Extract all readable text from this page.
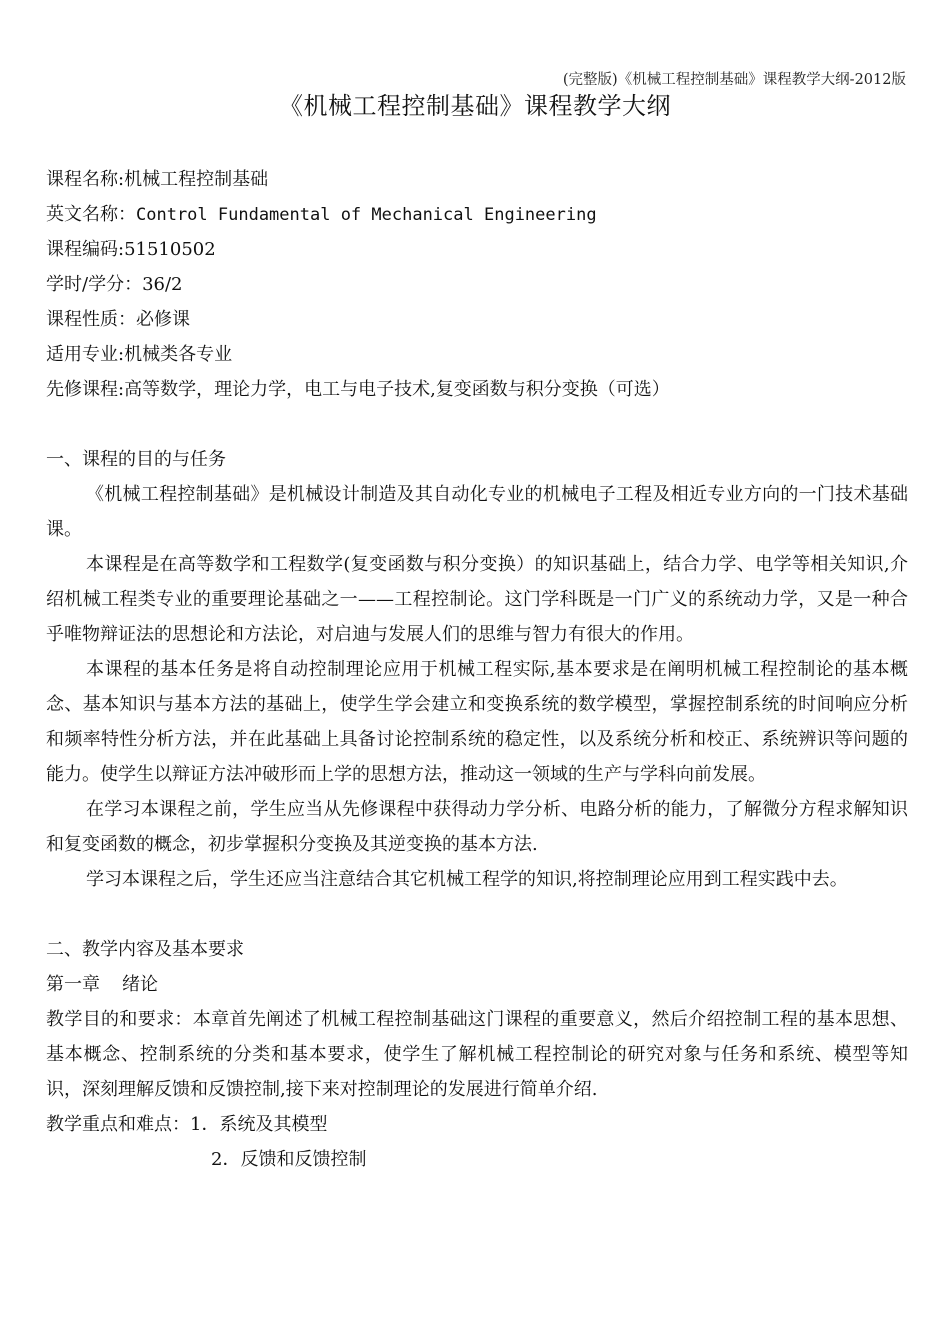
(完整版)《机械工程控制基础》课程教学大纲-2012版
《机械工程控制基础》课程教学大纲
课程名称:机械工程控制基础
英文名称：Control Fundamental of Mechanical Engineering
课程编码:51510502
学时/学分：36/2
课程性质：必修课
适用专业:机械类各专业
先修课程:高等数学，理论力学，电工与电子技术,复变函数与积分变换（可选）
一、课程的目的与任务

《机械工程控制基础》是机械设计制造及其自动化专业的机械电子工程及相近专业方向的一门技术基础课。

本课程是在高等数学和工程数学(复变函数与积分变换）的知识基础上，结合力学、电学等相关知识,介绍机械工程类专业的重要理论基础之一——工程控制论。这门学科既是一门广义的系统动力学，又是一种合乎唯物辩证法的思想论和方法论，对启迪与发展人们的思维与智力有很大的作用。

本课程的基本任务是将自动控制理论应用于机械工程实际,基本要求是在阐明机械工程控制论的基本概念、基本知识与基本方法的基础上，使学生学会建立和变换系统的数学模型，掌握控制系统的时间响应分析和频率特性分析方法，并在此基础上具备讨论控制系统的稳定性，以及系统分析和校正、系统辨识等问题的能力。使学生以辩证方法冲破形而上学的思想方法，推动这一领域的生产与学科向前发展。

在学习本课程之前，学生应当从先修课程中获得动力学分析、电路分析的能力，了解微分方程求解知识和复变函数的概念，初步掌握积分变换及其逆变换的基本方法.

学习本课程之后，学生还应当注意结合其它机械工程学的知识,将控制理论应用到工程实践中去。

二、教学内容及基本要求
第一章 绪论

教学目的和要求：本章首先阐述了机械工程控制基础这门课程的重要意义，然后介绍控制工程的基本思想、基本概念、控制系统的分类和基本要求，使学生了解机械工程控制论的研究对象与任务和系统、模型等知识，深刻理解反馈和反馈控制,接下来对控制理论的发展进行简单介绍.

教学重点和难点：1．系统及其模型
2．反馈和反馈控制
